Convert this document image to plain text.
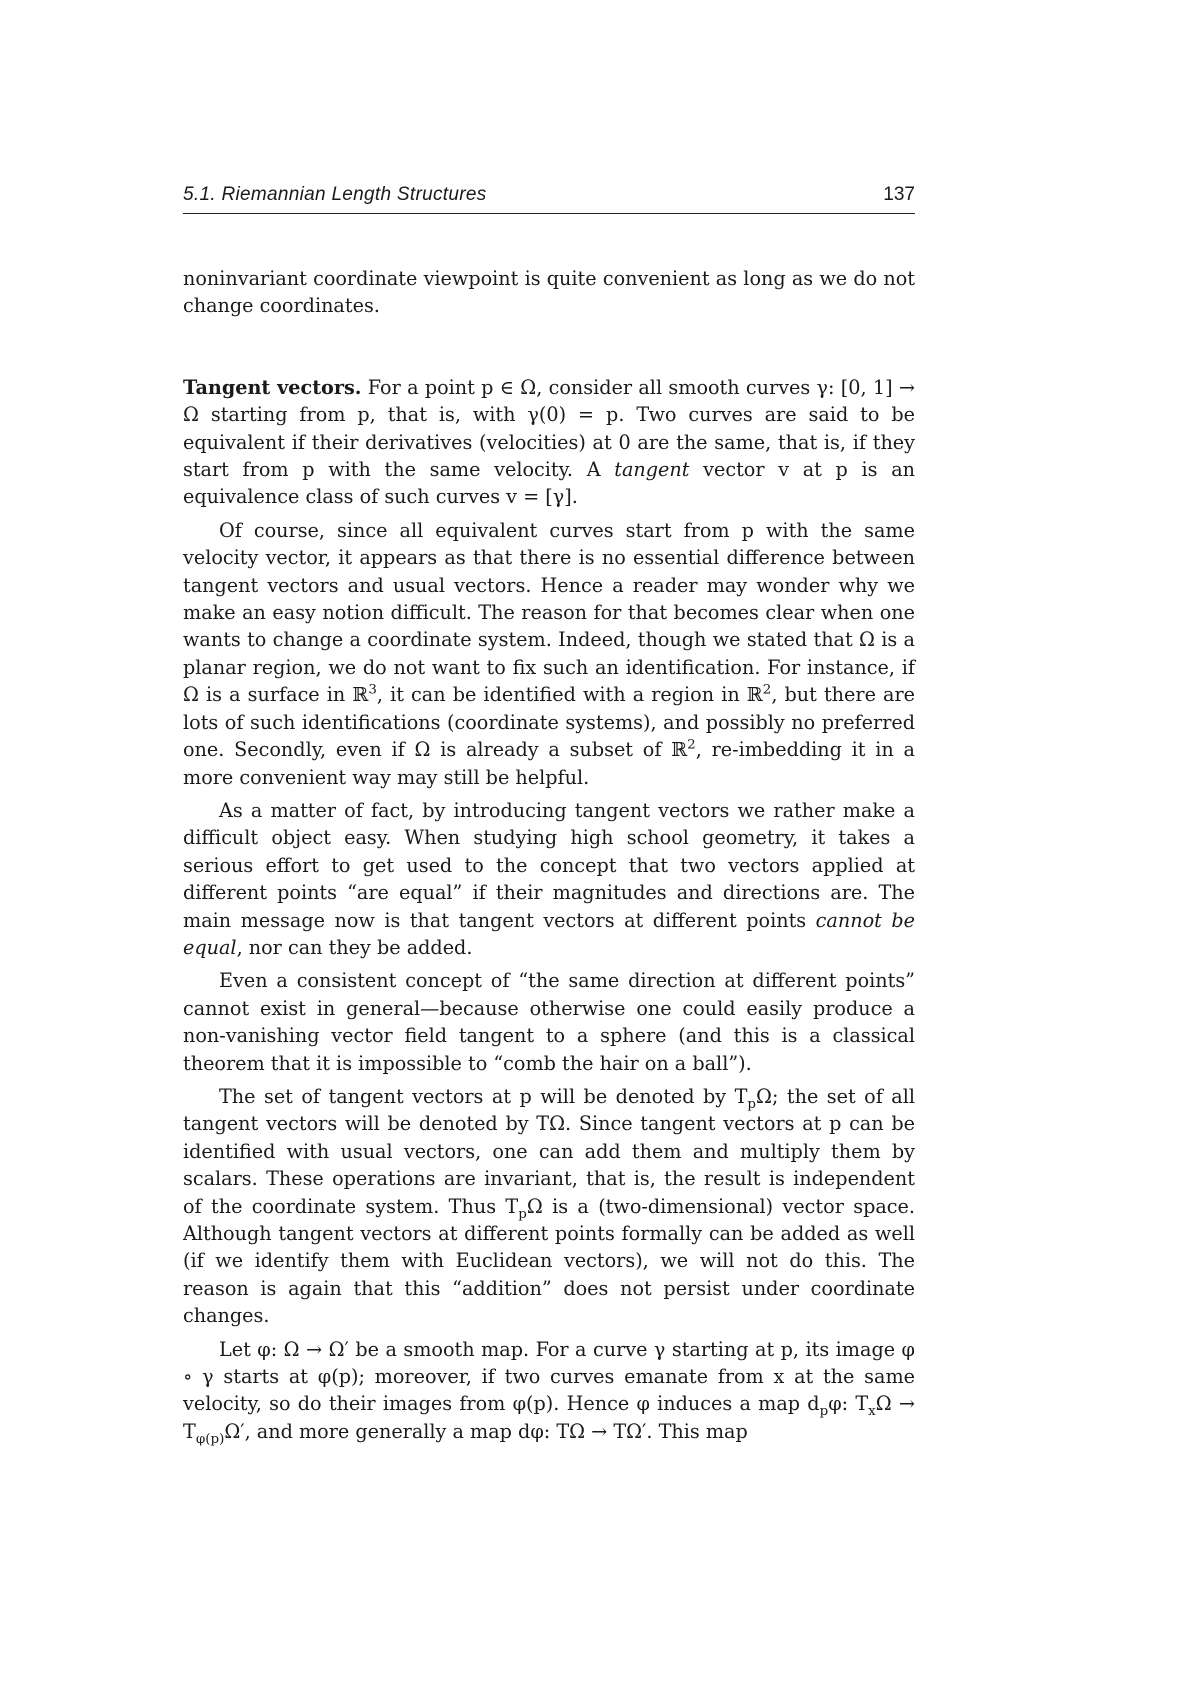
5.1. Riemannian Length Structures	137

noninvariant coordinate viewpoint is quite convenient as long as we do not change coordinates.

Tangent vectors. For a point p ∈ Ω, consider all smooth curves γ: [0, 1] → Ω starting from p, that is, with γ(0) = p. Two curves are said to be equivalent if their derivatives (velocities) at 0 are the same, that is, if they start from p with the same velocity. A tangent vector v at p is an equivalence class of such curves v = [γ].

Of course, since all equivalent curves start from p with the same velocity vector, it appears as that there is no essential difference between tangent vectors and usual vectors. Hence a reader may wonder why we make an easy notion difficult. The reason for that becomes clear when one wants to change a coordinate system. Indeed, though we stated that Ω is a planar region, we do not want to fix such an identification. For instance, if Ω is a surface in ℝ$^3$, it can be identified with a region in ℝ$^2$, but there are lots of such identifications (coordinate systems), and possibly no preferred one. Secondly, even if Ω is already a subset of ℝ$^2$, re-imbedding it in a more convenient way may still be helpful.

As a matter of fact, by introducing tangent vectors we rather make a difficult object easy. When studying high school geometry, it takes a serious effort to get used to the concept that two vectors applied at different points “are equal” if their magnitudes and directions are. The main message now is that tangent vectors at different points cannot be equal, nor can they be added.

Even a consistent concept of “the same direction at different points” cannot exist in general—because otherwise one could easily produce a non-vanishing vector field tangent to a sphere (and this is a classical theorem that it is impossible to “comb the hair on a ball”).

The set of tangent vectors at p will be denoted by $T_p\Omega$; the set of all tangent vectors will be denoted by TΩ. Since tangent vectors at p can be identified with usual vectors, one can add them and multiply them by scalars. These operations are invariant, that is, the result is independent of the coordinate system. Thus $T_p\Omega$ is a (two-dimensional) vector space. Although tangent vectors at different points formally can be added as well (if we identify them with Euclidean vectors), we will not do this. The reason is again that this “addition” does not persist under coordinate changes.

Let φ: Ω → Ω′ be a smooth map. For a curve γ starting at p, its image φ ∘ γ starts at φ(p); moreover, if two curves emanate from x at the same velocity, so do their images from φ(p). Hence φ induces a map $d_p\varphi$: $T_x\Omega \to T_{\varphi(p)}\Omega'$, and more generally a map dφ: TΩ → TΩ′. This map
